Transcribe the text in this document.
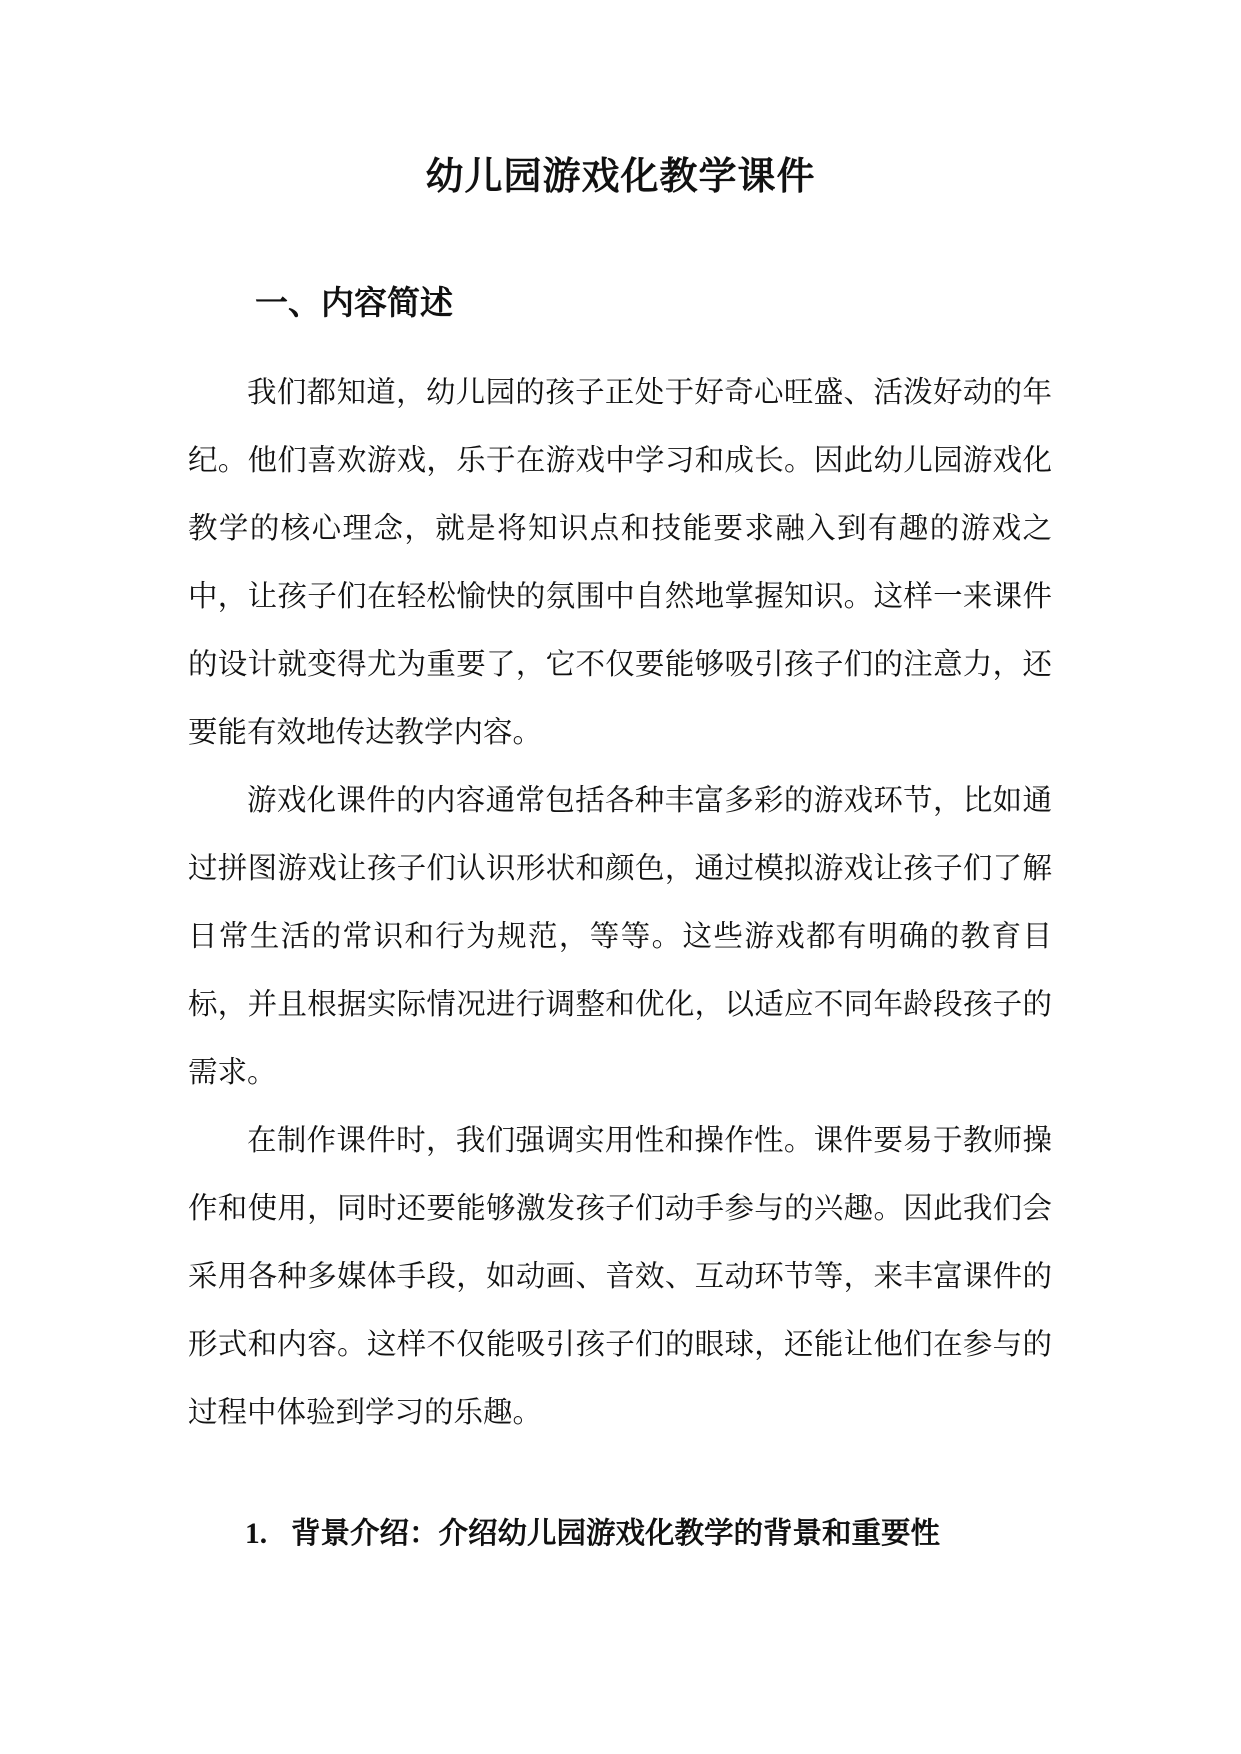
幼儿园游戏化教学课件
一、内容简述

我们都知道，幼儿园的孩子正处于好奇心旺盛、活泼好动的年纪。他们喜欢游戏，乐于在游戏中学习和成长。因此幼儿园游戏化教学的核心理念，就是将知识点和技能要求融入到有趣的游戏之中，让孩子们在轻松愉快的氛围中自然地掌握知识。这样一来课件的设计就变得尤为重要了，它不仅要能够吸引孩子们的注意力，还要能有效地传达教学内容。

游戏化课件的内容通常包括各种丰富多彩的游戏环节，比如通过拼图游戏让孩子们认识形状和颜色，通过模拟游戏让孩子们了解日常生活的常识和行为规范，等等。这些游戏都有明确的教育目标，并且根据实际情况进行调整和优化，以适应不同年龄段孩子的需求。

在制作课件时，我们强调实用性和操作性。课件要易于教师操作和使用，同时还要能够激发孩子们动手参与的兴趣。因此我们会采用各种多媒体手段，如动画、音效、互动环节等，来丰富课件的形式和内容。这样不仅能吸引孩子们的眼球，还能让他们在参与的过程中体验到学习的乐趣。

1. 背景介绍：介绍幼儿园游戏化教学的背景和重要性
